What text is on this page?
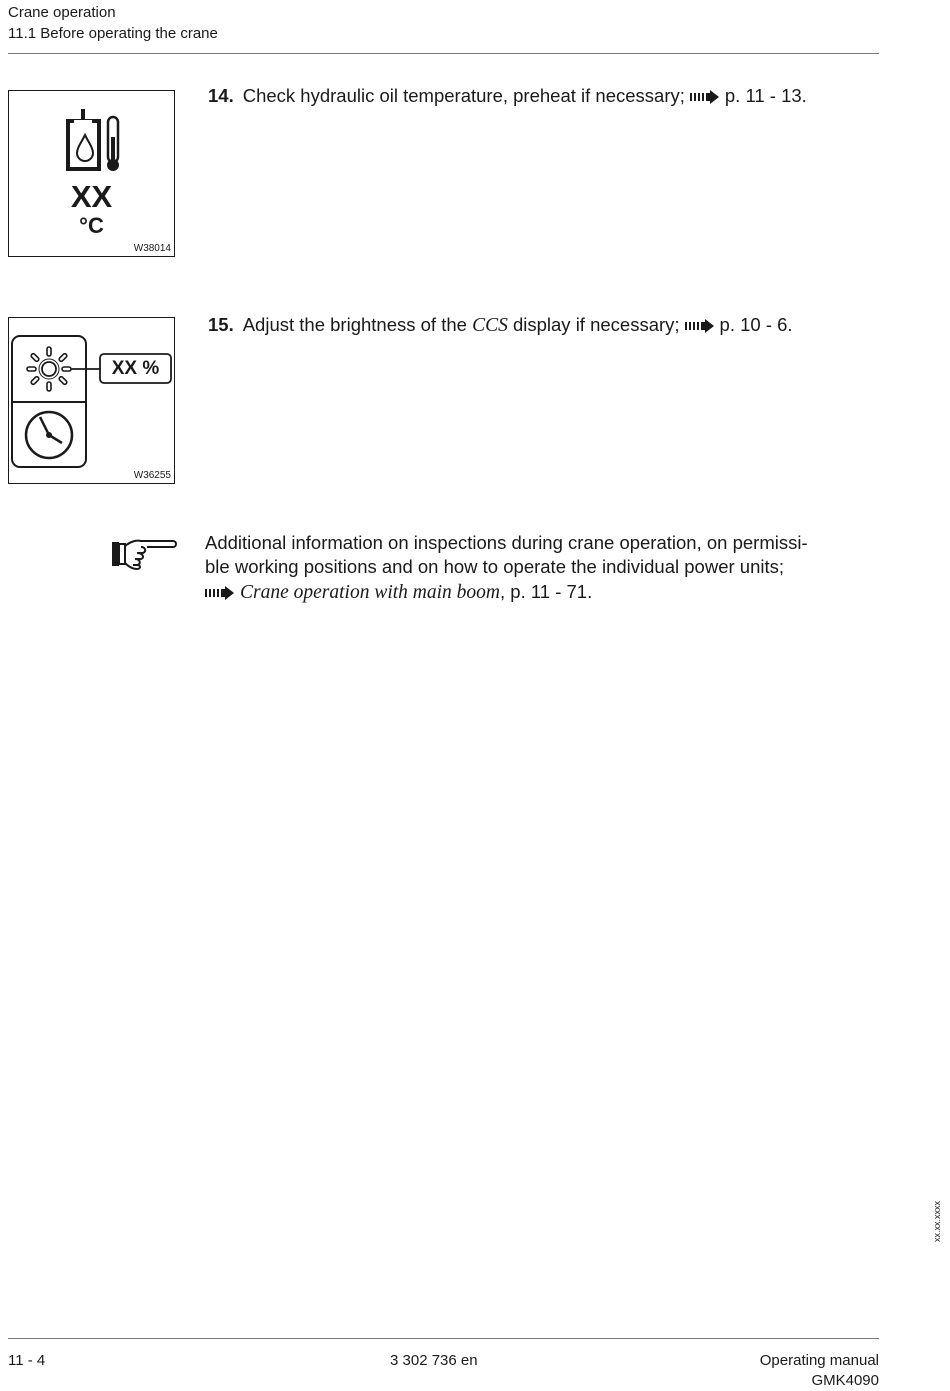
Crane operation
11.1 Before operating the crane
XX
°C
W38014
14. Check hydraulic oil temperature, preheat if necessary; p. 11 - 13.
XX %
W36255
15. Adjust the brightness of the CCS display if necessary; p. 10 - 6.

Additional information on inspections during crane operation, on permissi-

ble working positions and on how to operate the individual power units;

Crane operation with main boom, p. 11 - 71.

xx.xx.xxxx
11 - 4	3 302 736 en	Operating manual
GMK4090
